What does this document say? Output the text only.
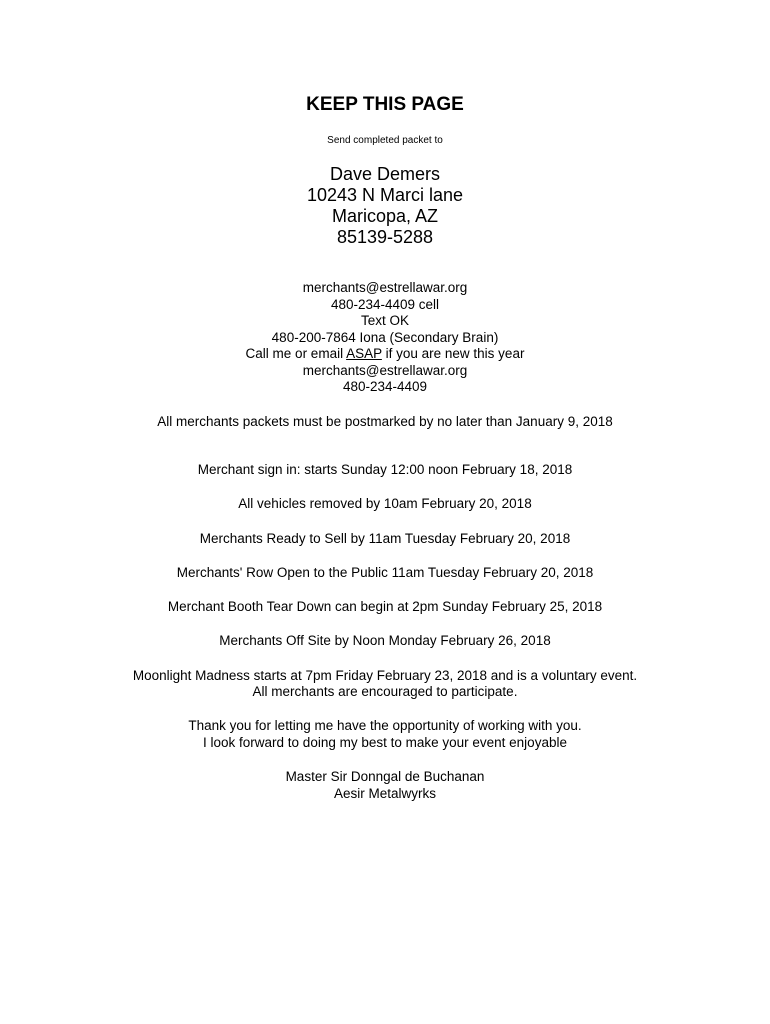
KEEP THIS PAGE

Send completed packet to

Dave Demers

10243 N Marci lane

Maricopa, AZ

85139-5288

merchants@estrellawar.org

480-234-4409 cell

Text OK

480-200-7864 Iona (Secondary Brain)

Call me or email ASAP if you are new this year

merchants@estrellawar.org

480-234-4409

All merchants packets must be postmarked by no later than January 9, 2018

Merchant sign in: starts Sunday 12:00 noon February 18, 2018

All vehicles removed by 10am February 20, 2018

Merchants Ready to Sell by 11am Tuesday February 20, 2018

Merchants' Row Open to the Public 11am Tuesday February 20, 2018

Merchant Booth Tear Down can begin at 2pm Sunday February 25, 2018

Merchants Off Site by Noon Monday February 26, 2018

Moonlight Madness starts at 7pm Friday February 23, 2018 and is a voluntary event.

All merchants are encouraged to participate.

Thank you for letting me have the opportunity of working with you.

I look forward to doing my best to make your event enjoyable

Master Sir Donngal de Buchanan

Aesir Metalwyrks
